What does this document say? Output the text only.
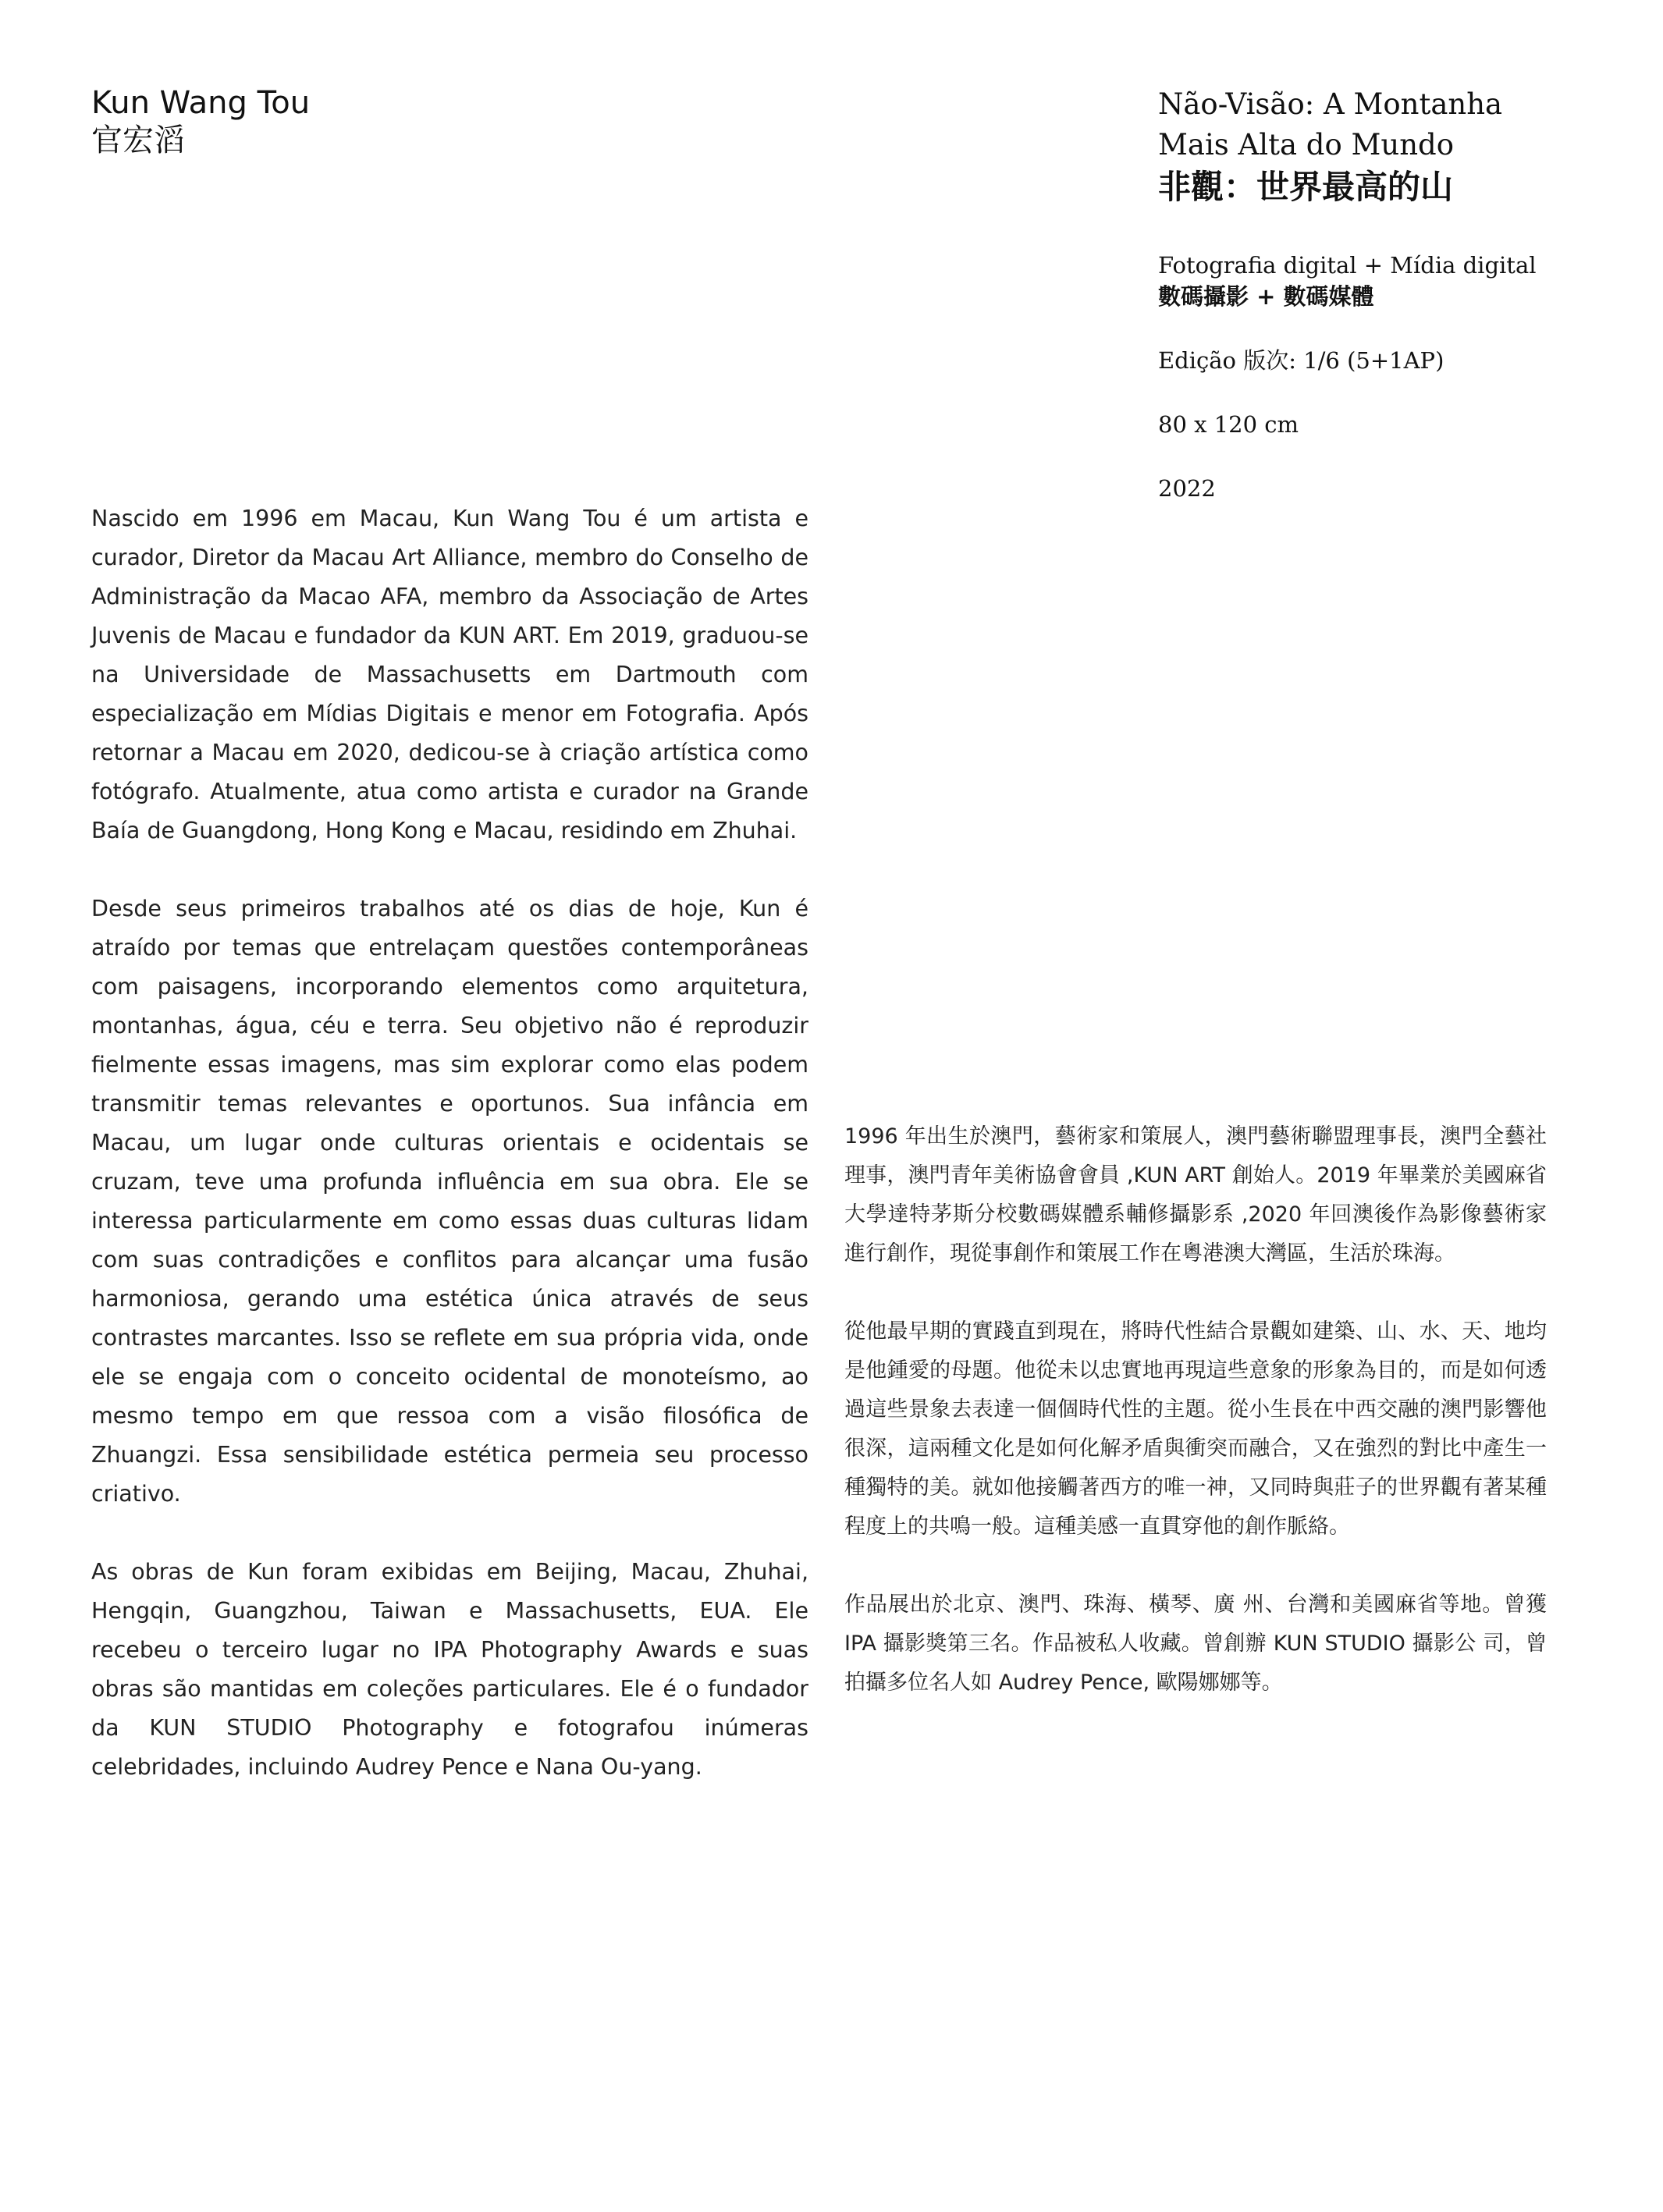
Kun Wang Tou
官宏滔
Não-Visão: A Montanha
Mais Alta do Mundo
非觀：世界最高的山
Fotografia digital + Mídia digital
數碼攝影 + 數碼媒體
Edição 版次: 1/6 (5+1AP)
80 x 120 cm
2022

Nascido em 1996 em Macau, Kun Wang Tou é um artista e curador, Diretor da Macau Art Alliance, membro do Conselho de Administração da Macao AFA, membro da Associação de Artes Juvenis de Macau e fundador da KUN ART. Em 2019, graduou-se na Universidade de Massachusetts em Dartmouth com especialização em Mídias Digitais e menor em Fotografia. Após retornar a Macau em 2020, dedicou-se à criação artística como fotógrafo. Atualmente, atua como artista e curador na Grande Baía de Guangdong, Hong Kong e Macau, residindo em Zhuhai.

Desde seus primeiros trabalhos até os dias de hoje, Kun é atraído por temas que entrelaçam questões contemporâneas com paisagens, incorporando elementos como arquitetura, montanhas, água, céu e terra. Seu objetivo não é reproduzir fielmente essas imagens, mas sim explorar como elas podem transmitir temas relevantes e oportunos. Sua infância em Macau, um lugar onde culturas orientais e ocidentais se cruzam, teve uma profunda influência em sua obra. Ele se interessa particularmente em como essas duas culturas lidam com suas contradições e conflitos para alcançar uma fusão harmoniosa, gerando uma estética única através de seus contrastes marcantes. Isso se reflete em sua própria vida, onde ele se engaja com o conceito ocidental de monoteísmo, ao mesmo tempo em que ressoa com a visão filosófica de Zhuangzi. Essa sensibilidade estética permeia seu processo criativo.

As obras de Kun foram exibidas em Beijing, Macau, Zhuhai, Hengqin, Guangzhou, Taiwan e Massachusetts, EUA. Ele recebeu o terceiro lugar no IPA Photography Awards e suas obras são mantidas em coleções particulares. Ele é o fundador da KUN STUDIO Photography e fotografou inúmeras celebridades, incluindo Audrey Pence e Nana Ou-yang.

1996 年出生於澳門，藝術家和策展人，澳門藝術聯盟理事長，澳門全藝社理事，澳門青年美術協會會員 ,KUN ART 創始人。2019 年畢業於美國麻省大學達特茅斯分校數碼媒體系輔修攝影系 ,2020 年回澳後作為影像藝術家進行創作，現從事創作和策展工作在粵港澳大灣區，生活於珠海。

從他最早期的實踐直到現在，將時代性結合景觀如建築、山、水、天、地均是他鍾愛的母題。他從未以忠實地再現這些意象的形象為目的，而是如何透過這些景象去表達一個個時代性的主題。從小生長在中西交融的澳門影響他很深，這兩種文化是如何化解矛盾與衝突而融合，又在強烈的對比中產生一種獨特的美。就如他接觸著西方的唯一神，又同時與莊子的世界觀有著某種程度上的共鳴一般。這種美感一直貫穿他的創作脈絡。

作品展出於北京、澳門、珠海、橫琴、廣 州、台灣和美國麻省等地。曾獲 IPA 攝影獎第三名。作品被私人收藏。曾創辦 KUN STUDIO 攝影公 司，曾拍攝多位名人如 Audrey Pence, 歐陽娜娜等。
